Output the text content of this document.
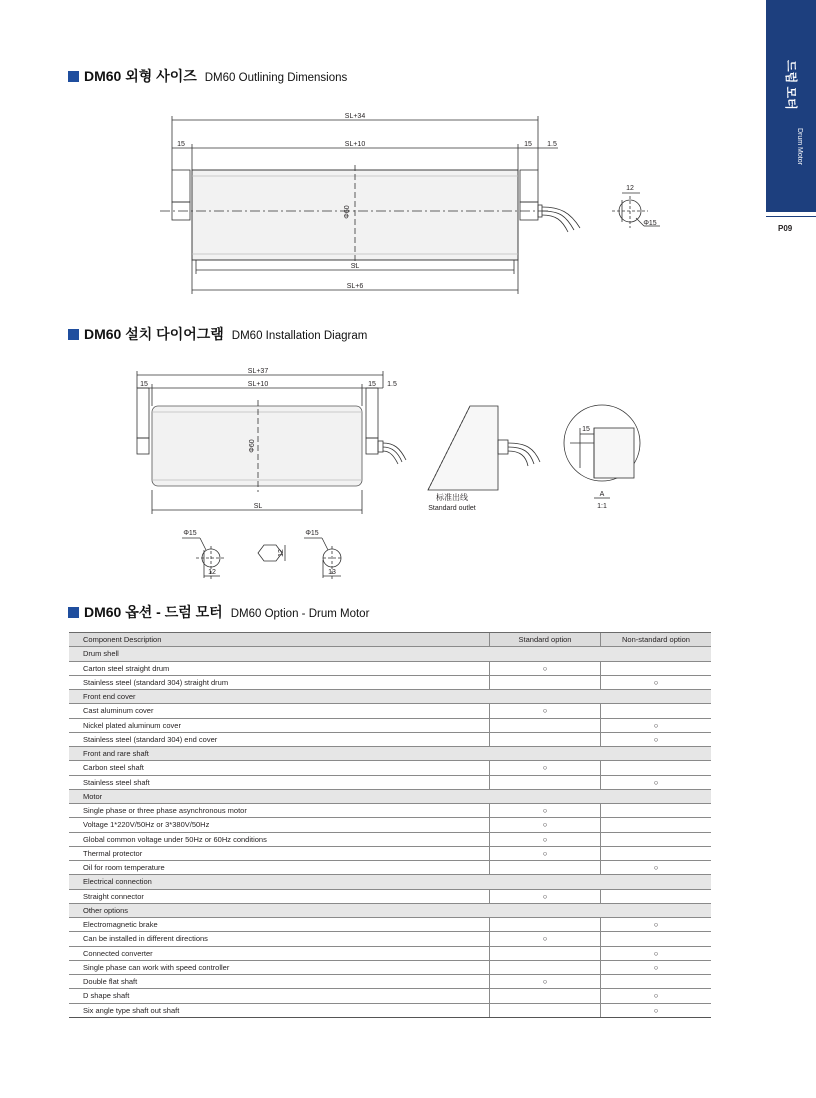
드럼 모터
Drum Motor
P09
DM60 외형 사이즈 DM60 Outlining Dimensions
SL+34
SL+10
15	15 1.5
Φ60
SL
SL+6
12
Φ15
DM60 설치 다이어그램 DM60 Installation Diagram
SL+37
SL+10
15	15 1.5
Φ60
SL
标准出线
Standard outlet
A
1:1
15
Φ15
12
12
Φ15
13
DM60 옵션 - 드럼 모터 DM60 Option - Drum Motor
Component Description	Standard option	Non-standard option
Drum shell		
Carton steel straight drum	○	
Stainless steel (standard 304) straight drum		○
Front end cover		
Cast aluminum cover	○	
Nickel plated aluminum cover		○
Stainless steel (standard 304) end cover		○
Front and rare shaft		
Carbon steel shaft	○	
Stainless steel shaft		○
Motor		
Single phase or three phase asynchronous motor	○	
Voltage 1*220V/50Hz or 3*380V/50Hz	○	
Global common voltage under 50Hz or 60Hz conditions	○	
Thermal protector	○	
Oil for room temperature		○
Electrical connection		
Straight connector	○	
Other options		
Electromagnetic brake		○
Can be installed in different directions	○	
Connected converter		○
Single phase can work with speed controller		○
Double flat shaft	○	
D shape shaft		○
Six angle type shaft out shaft		○
